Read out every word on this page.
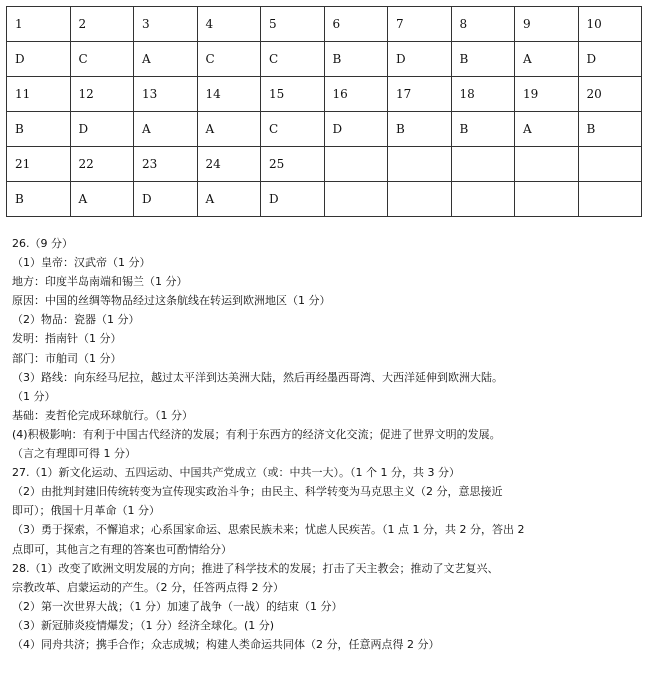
1	2	3	4	5	6	7	8	9	10
D	C	A	C	C	B	D	B	A	D
11	12	13	14	15	16	17	18	19	20
B	D	A	A	C	D	B	B	A	B
21	22	23	24	25					
B	A	D	A	D					
26.（9 分）
（1）皇帝：汉武帝（1 分）
地方：印度半岛南端和锡兰（1 分）
原因：中国的丝绸等物品经过这条航线在转运到欧洲地区（1 分）
（2）物品：瓷器（1 分）
发明：指南针（1 分）
部门：市舶司（1 分）
（3）路线：向东经马尼拉，越过太平洋到达美洲大陆，然后再经墨西哥湾、大西洋延伸到欧洲大陆。
（1 分）
基础：麦哲伦完成环球航行。（1 分）
(4)积极影响：有利于中国古代经济的发展；有利于东西方的经济文化交流；促进了世界文明的发展。
（言之有理即可得 1 分）
27.（1）新文化运动、五四运动、中国共产党成立（或：中共一大）。（1 个 1 分，共 3 分）
（2）由批判封建旧传统转变为宣传现实政治斗争；由民主、科学转变为马克思主义（2 分，意思接近
即可）；俄国十月革命（1 分）
（3）勇于探索，不懈追求；心系国家命运、思索民族未来；忧虑人民疾苦。（1 点 1 分，共 2 分，答出 2
点即可，其他言之有理的答案也可酌情给分）
28.（1）改变了欧洲文明发展的方向；推进了科学技术的发展；打击了天主教会；推动了文艺复兴、
宗教改革、启蒙运动的产生。（2 分，任答两点得 2 分）
（2）第一次世界大战；（1 分）加速了战争（一战）的结束（1 分）
（3）新冠肺炎疫情爆发；（1 分）经济全球化。(1 分)
（4）同舟共济；携手合作；众志成城；构建人类命运共同体（2 分，任意两点得 2 分）
